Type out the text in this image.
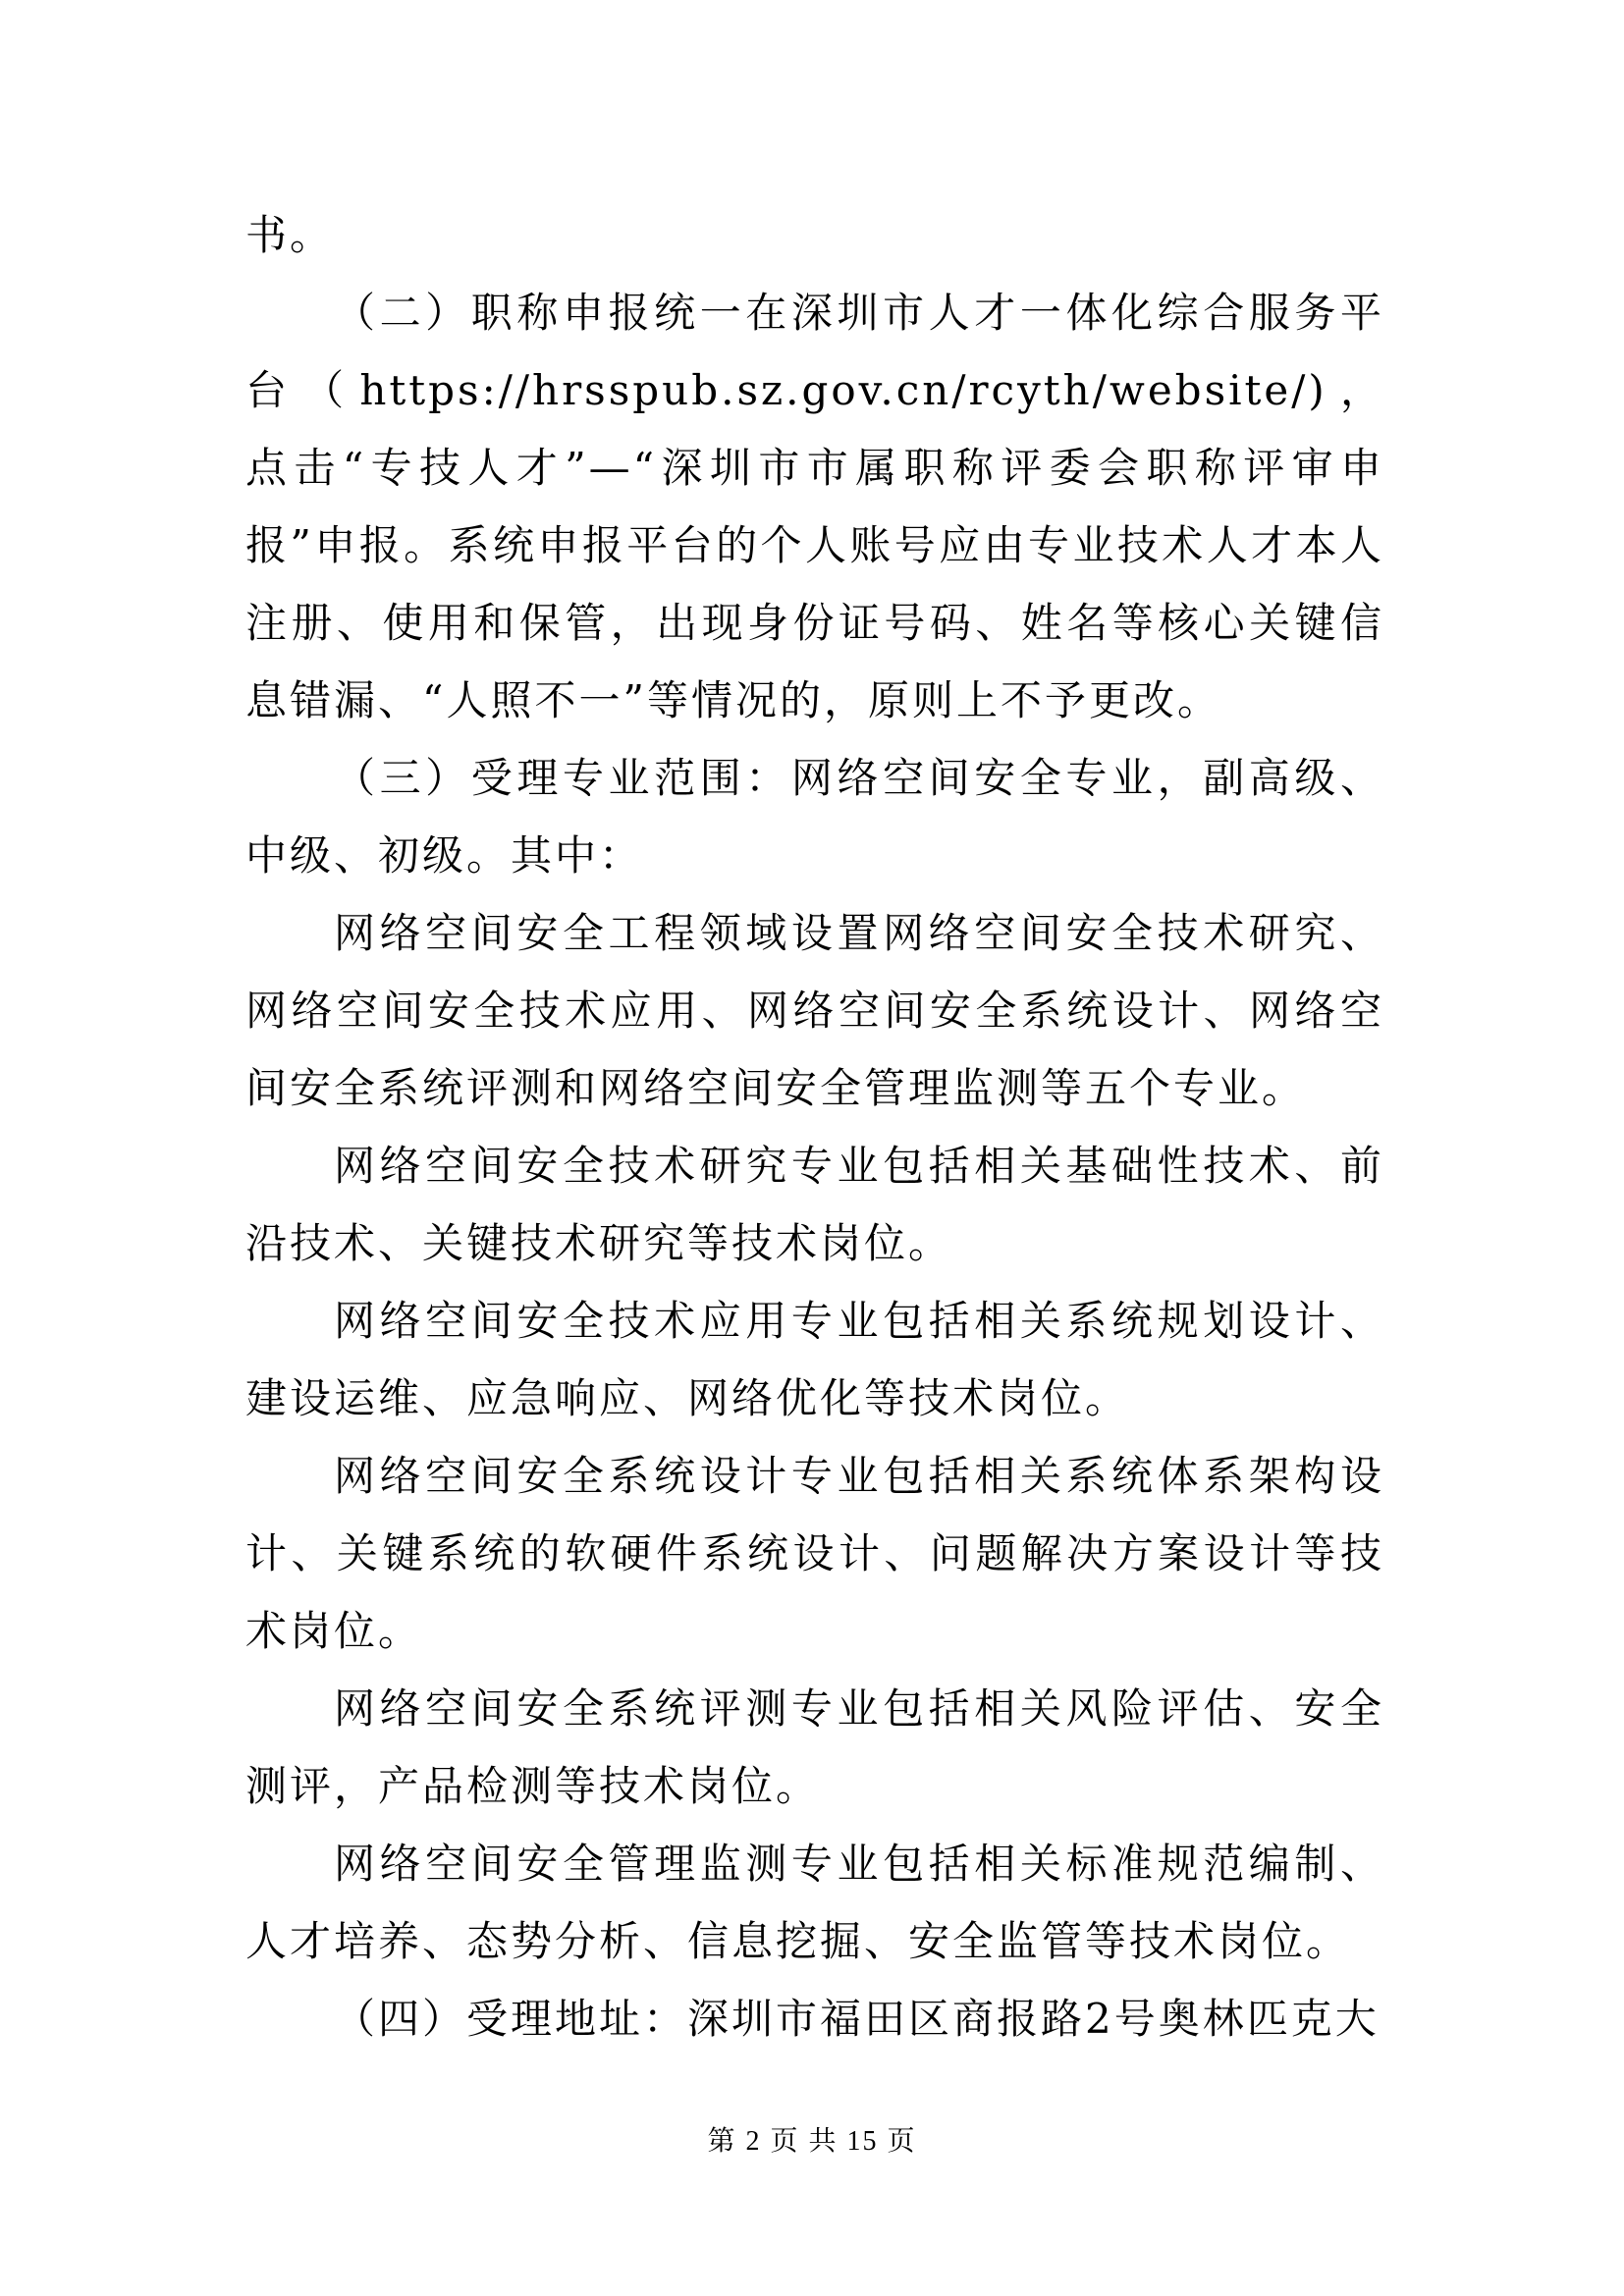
书。

（二）职称申报统一在深圳市人才一体化综合服务平台（https://hrsspub.sz.gov.cn/rcyth/website/)，点击“专技人才”—“深圳市市属职称评委会职称评审申报”申报。系统申报平台的个人账号应由专业技术人才本人注册、使用和保管，出现身份证号码、姓名等核心关键信息错漏、“人照不一”等情况的，原则上不予更改。

（三）受理专业范围：网络空间安全专业，副高级、中级、初级。其中：

网络空间安全工程领域设置网络空间安全技术研究、网络空间安全技术应用、网络空间安全系统设计、网络空间安全系统评测和网络空间安全管理监测等五个专业。

网络空间安全技术研究专业包括相关基础性技术、前沿技术、关键技术研究等技术岗位。

网络空间安全技术应用专业包括相关系统规划设计、建设运维、应急响应、网络优化等技术岗位。

网络空间安全系统设计专业包括相关系统体系架构设计、关键系统的软硬件系统设计、问题解决方案设计等技术岗位。

网络空间安全系统评测专业包括相关风险评估、安全测评，产品检测等技术岗位。

网络空间安全管理监测专业包括相关标准规范编制、人才培养、态势分析、信息挖掘、安全监管等技术岗位。

（四）受理地址：深圳市福田区商报路2号奥林匹克大

第 2 页 共 15 页
